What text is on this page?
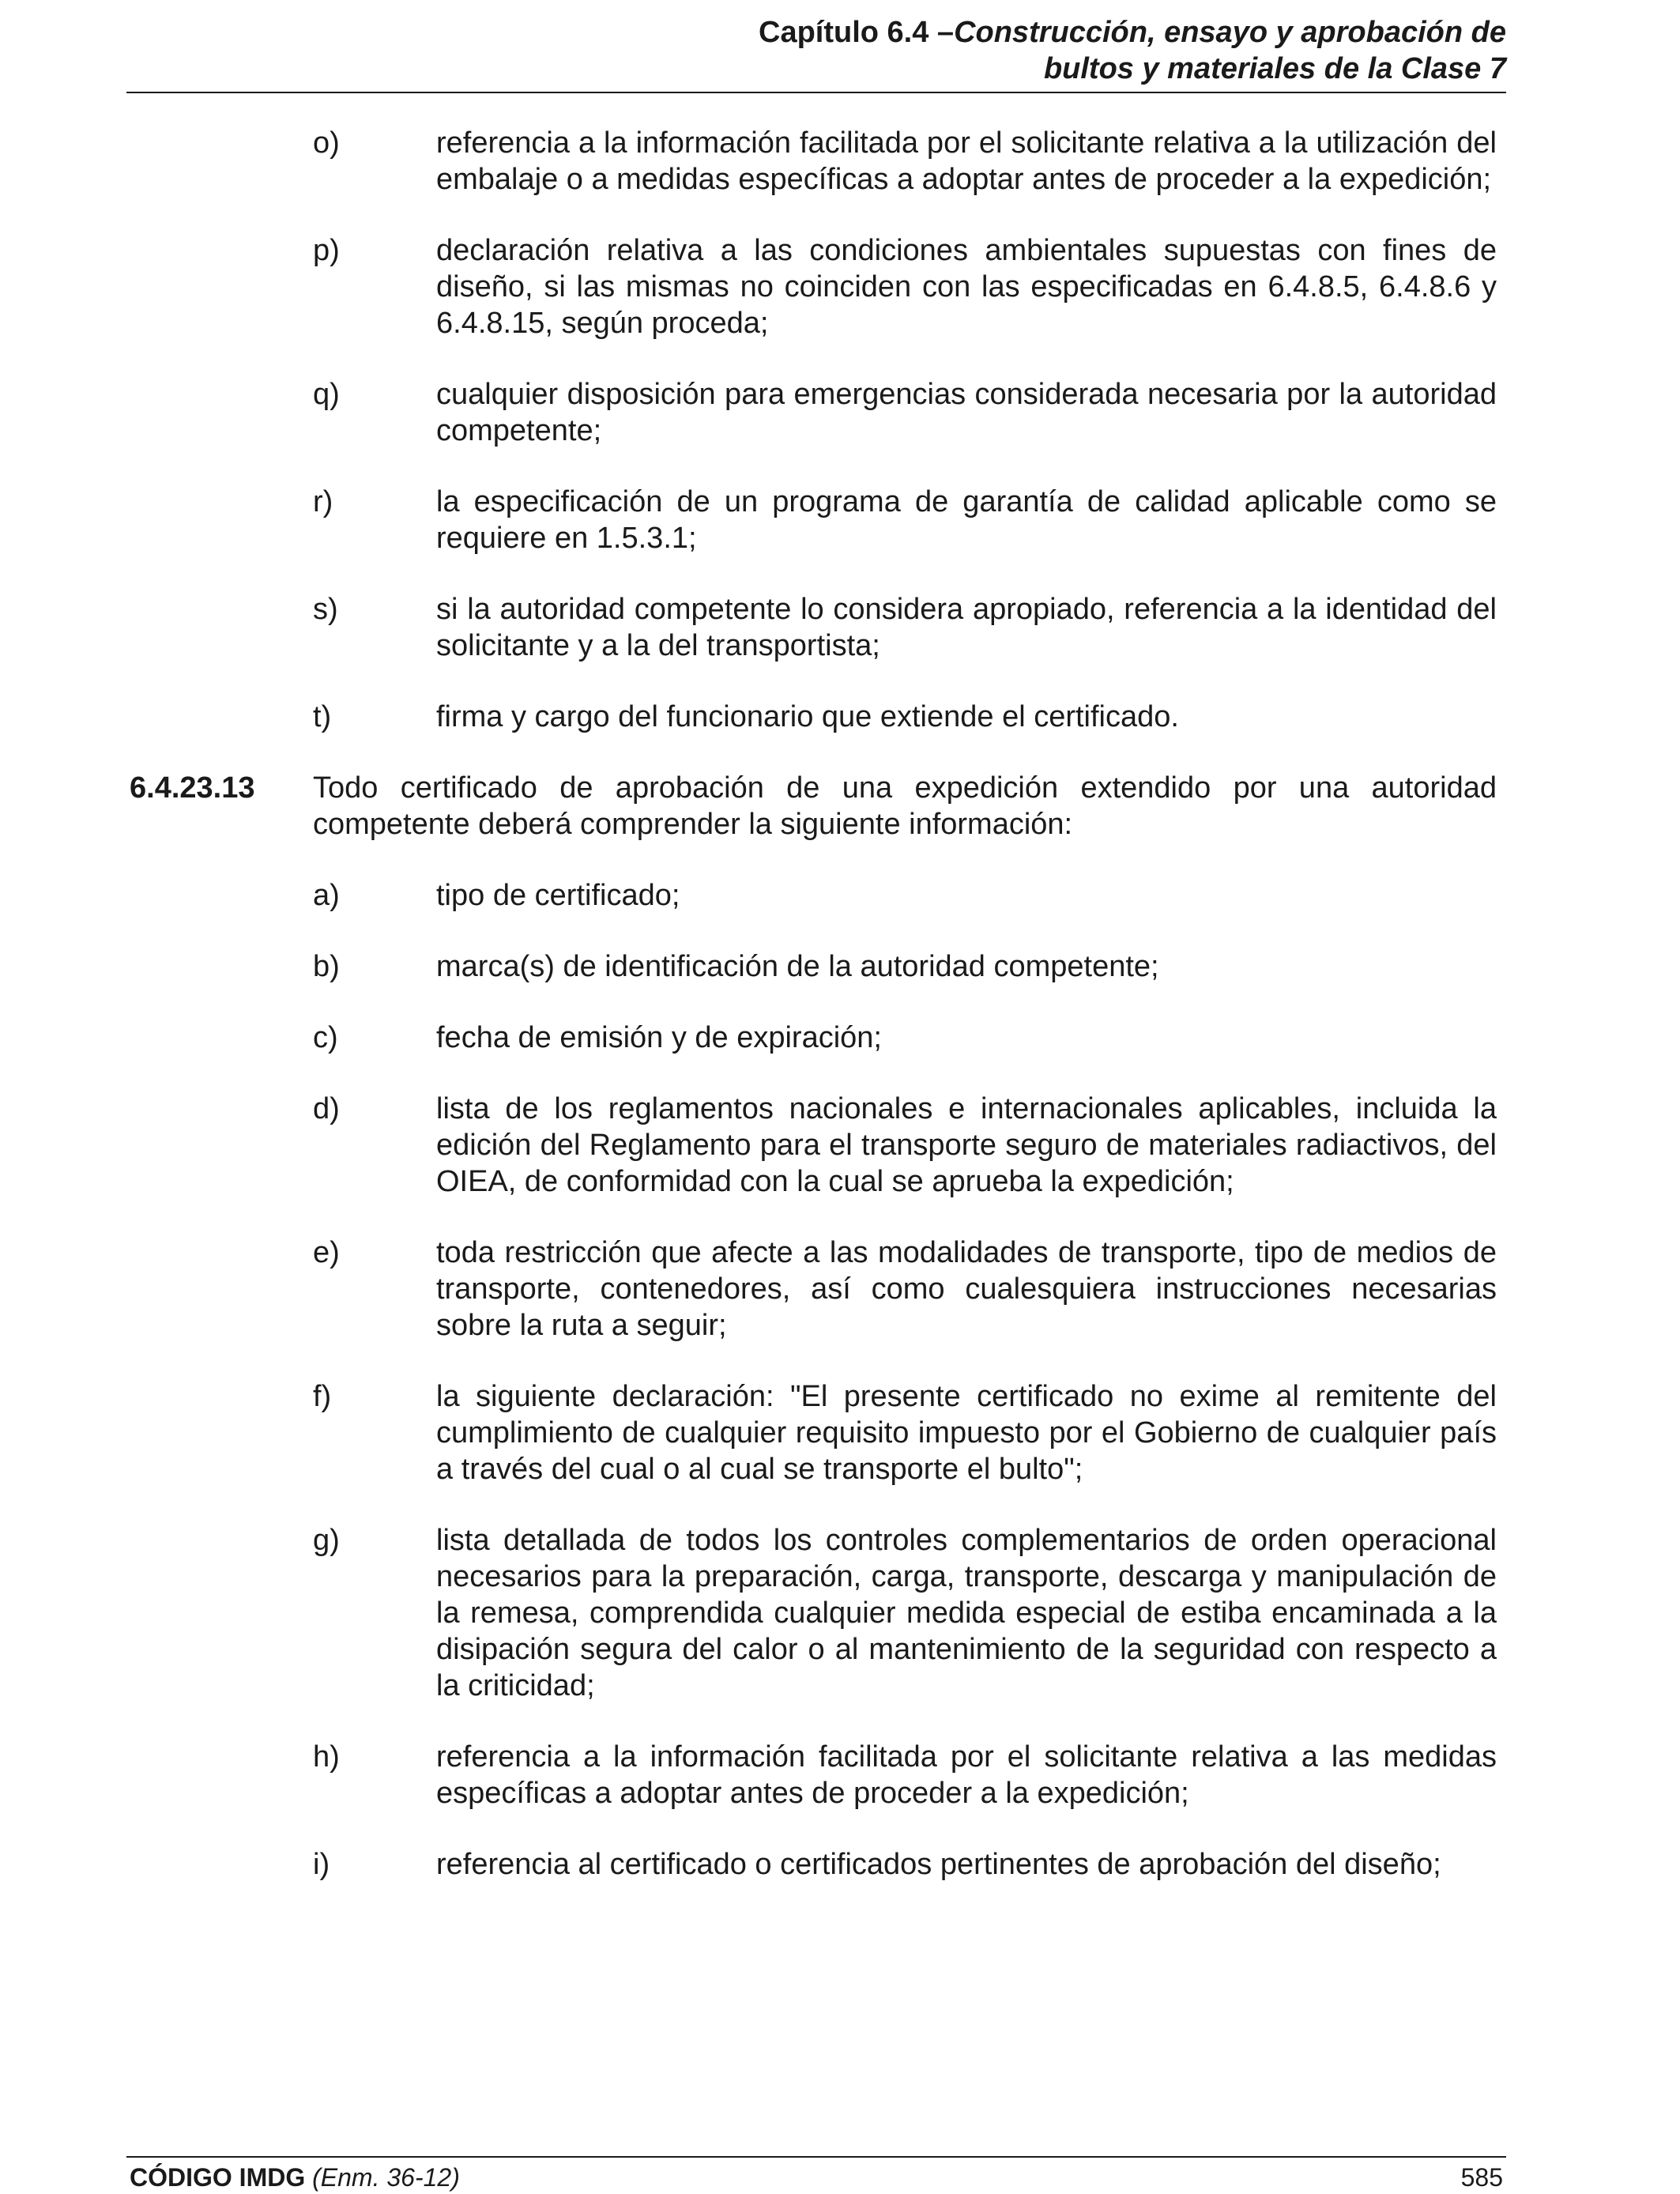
Capítulo 6.4 –Construcción, ensayo y aprobación de
bultos y materiales de la Clase 7
o)	referencia a la información facilitada por el solicitante relativa a la utilización del embalaje o a medidas específicas a adoptar antes de proceder a la expedición;
p)	declaración relativa a las condiciones ambientales supuestas con fines de diseño, si las mismas no coinciden con las especificadas en 6.4.8.5, 6.4.8.6 y 6.4.8.15, según proceda;
q)	cualquier disposición para emergencias considerada necesaria por la autoridad competente;
r)	la especificación de un programa de garantía de calidad aplicable como se requiere en 1.5.3.1;
s)	si la autoridad competente lo considera apropiado, referencia a la identidad del solicitante y a la del transportista;
t)	firma y cargo del funcionario que extiende el certificado.
6.4.23.13 Todo certificado de aprobación de una expedición extendido por una autoridad competente deberá comprender la siguiente información:
a)	tipo de certificado;
b)	marca(s) de identificación de la autoridad competente;
c)	fecha de emisión y de expiración;
d)	lista de los reglamentos nacionales e internacionales aplicables, incluida la edición del Reglamento para el transporte seguro de materiales radiactivos, del OIEA, de conformidad con la cual se aprueba la expedición;
e)	toda restricción que afecte a las modalidades de transporte, tipo de medios de transporte, contenedores, así como cualesquiera instrucciones necesarias sobre la ruta a seguir;
f)	la siguiente declaración: "El presente certificado no exime al remitente del cumplimiento de cualquier requisito impuesto por el Gobierno de cualquier país a través del cual o al cual se transporte el bulto";
g)	lista detallada de todos los controles complementarios de orden operacional necesarios para la preparación, carga, transporte, descarga y manipulación de la remesa, comprendida cualquier medida especial de estiba encaminada a la disipación segura del calor o al mantenimiento de la seguridad con respecto a la criticidad;
h)	referencia a la información facilitada por el solicitante relativa a las medidas específicas a adoptar antes de proceder a la expedición;
i)	referencia al certificado o certificados pertinentes de aprobación del diseño;
CÓDIGO IMDG (Enm. 36-12)	585
